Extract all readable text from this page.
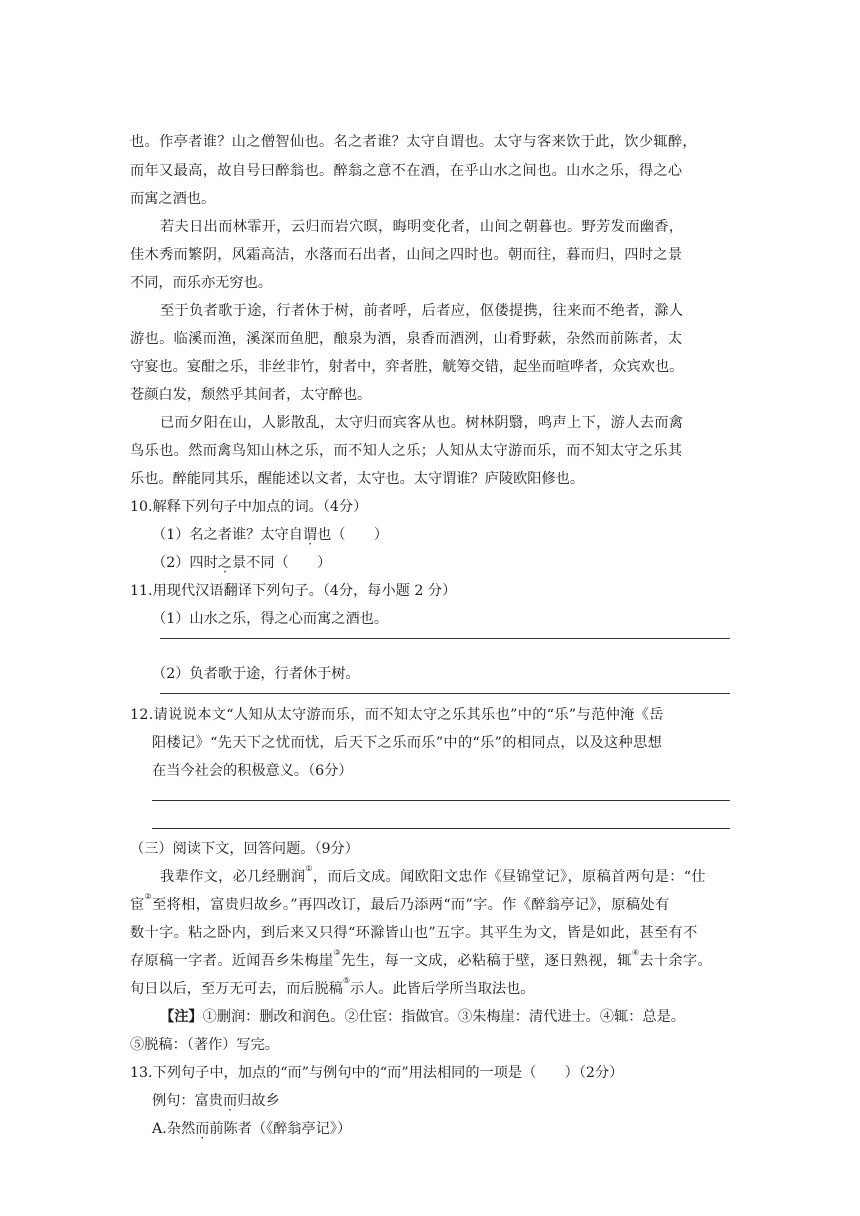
也。作亭者谁？山之僧智仙也。名之者谁？太守自谓也。太守与客来饮于此，饮少辄醉，
而年又最高，故自号曰醉翁也。醉翁之意不在酒，在乎山水之间也。山水之乐，得之心
而寓之酒也。
若夫日出而林霏开，云归而岩穴暝，晦明变化者，山间之朝暮也。野芳发而幽香，
佳木秀而繁阴，风霜高洁，水落而石出者，山间之四时也。朝而往，暮而归，四时之景
不同，而乐亦无穷也。
至于负者歌于途，行者休于树，前者呼，后者应，伛偻提携，往来而不绝者，滁人
游也。临溪而渔，溪深而鱼肥，酿泉为酒，泉香而酒洌，山肴野蔌，杂然而前陈者，太
守宴也。宴酣之乐，非丝非竹，射者中，弈者胜，觥筹交错，起坐而喧哗者，众宾欢也。
苍颜白发，颓然乎其间者，太守醉也。
已而夕阳在山，人影散乱，太守归而宾客从也。树林阴翳，鸣声上下，游人去而禽
鸟乐也。然而禽鸟知山林之乐，而不知人之乐；人知从太守游而乐，而不知太守之乐其
乐也。醉能同其乐，醒能述以文者，太守也。太守谓谁？庐陵欧阳修也。
10.解释下列句子中加点的词。（4分）
（1）名之者谁？太守自谓也（　　）
（2）四时之景不同（　　）
11.用现代汉语翻译下列句子。（4分，每小题 2 分）
（1）山水之乐，得之心而寓之酒也。
（2）负者歌于途，行者休于树。
12.请说说本文“人知从太守游而乐，而不知太守之乐其乐也”中的“乐”与范仲淹《岳
阳楼记》“先天下之忧而忧，后天下之乐而乐”中的“乐”的相同点，以及这种思想
在当今社会的积极意义。（6分）
（三）阅读下文，回答问题。（9分）
我辈作文，必几经删润①，而后文成。闻欧阳文忠作《昼锦堂记》，原稿首两句是：“仕
宦②至将相，富贵归故乡。”再四改订，最后乃添两“而”字。作《醉翁亭记》，原稿处有
数十字。粘之卧内，到后来又只得“环滁皆山也”五字。其平生为文，皆是如此，甚至有不
存原稿一字者。近闻吾乡朱梅崖③先生，每一文成，必粘稿于壁，逐日熟视，辄④去十余字。
旬日以后，至万无可去，而后脱稿⑤示人。此皆后学所当取法也。
【注】①删润：删改和润色。②仕宦：指做官。③朱梅崖：清代进士。④辄：总是。
⑤脱稿：（著作）写完。
13.下列句子中，加点的“而”与例句中的“而”用法相同的一项是（　　）（2分）
例句：富贵而归故乡
A.杂然而前陈者（《醉翁亭记》）
